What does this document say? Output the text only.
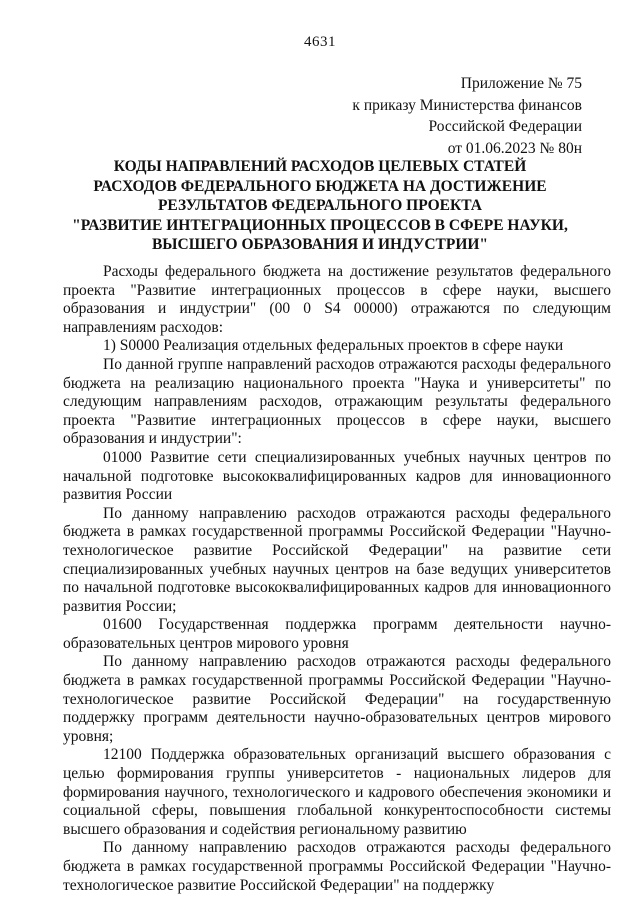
4631
Приложение № 75
к приказу Министерства финансов
Российской Федерации
от 01.06.2023 № 80н
КОДЫ НАПРАВЛЕНИЙ РАСХОДОВ ЦЕЛЕВЫХ СТАТЕЙ
РАСХОДОВ ФЕДЕРАЛЬНОГО БЮДЖЕТА НА ДОСТИЖЕНИЕ
РЕЗУЛЬТАТОВ ФЕДЕРАЛЬНОГО ПРОЕКТА
"РАЗВИТИЕ ИНТЕГРАЦИОННЫХ ПРОЦЕССОВ В СФЕРЕ НАУКИ,
ВЫСШЕГО ОБРАЗОВАНИЯ И ИНДУСТРИИ"

Расходы федерального бюджета на достижение результатов федерального проекта "Развитие интеграционных процессов в сфере науки, высшего образования и индустрии" (00 0 S4 00000) отражаются по следующим направлениям расходов:

1) S0000 Реализация отдельных федеральных проектов в сфере науки

По данной группе направлений расходов отражаются расходы федерального бюджета на реализацию национального проекта "Наука и университеты" по следующим направлениям расходов, отражающим результаты федерального проекта "Развитие интеграционных процессов в сфере науки, высшего образования и индустрии":

01000 Развитие сети специализированных учебных научных центров по начальной подготовке высококвалифицированных кадров для инновационного развития России

По данному направлению расходов отражаются расходы федерального бюджета в рамках государственной программы Российской Федерации "Научно-технологическое развитие Российской Федерации" на развитие сети специализированных учебных научных центров на базе ведущих университетов по начальной подготовке высококвалифицированных кадров для инновационного развития России;

01600 Государственная поддержка программ деятельности научно-образовательных центров мирового уровня

По данному направлению расходов отражаются расходы федерального бюджета в рамках государственной программы Российской Федерации "Научно-технологическое развитие Российской Федерации" на государственную поддержку программ деятельности научно-образовательных центров мирового уровня;

12100 Поддержка образовательных организаций высшего образования с целью формирования группы университетов - национальных лидеров для формирования научного, технологического и кадрового обеспечения экономики и социальной сферы, повышения глобальной конкурентоспособности системы высшего образования и содействия региональному развитию

По данному направлению расходов отражаются расходы федерального бюджета в рамках государственной программы Российской Федерации "Научно-технологическое развитие Российской Федерации" на поддержку
